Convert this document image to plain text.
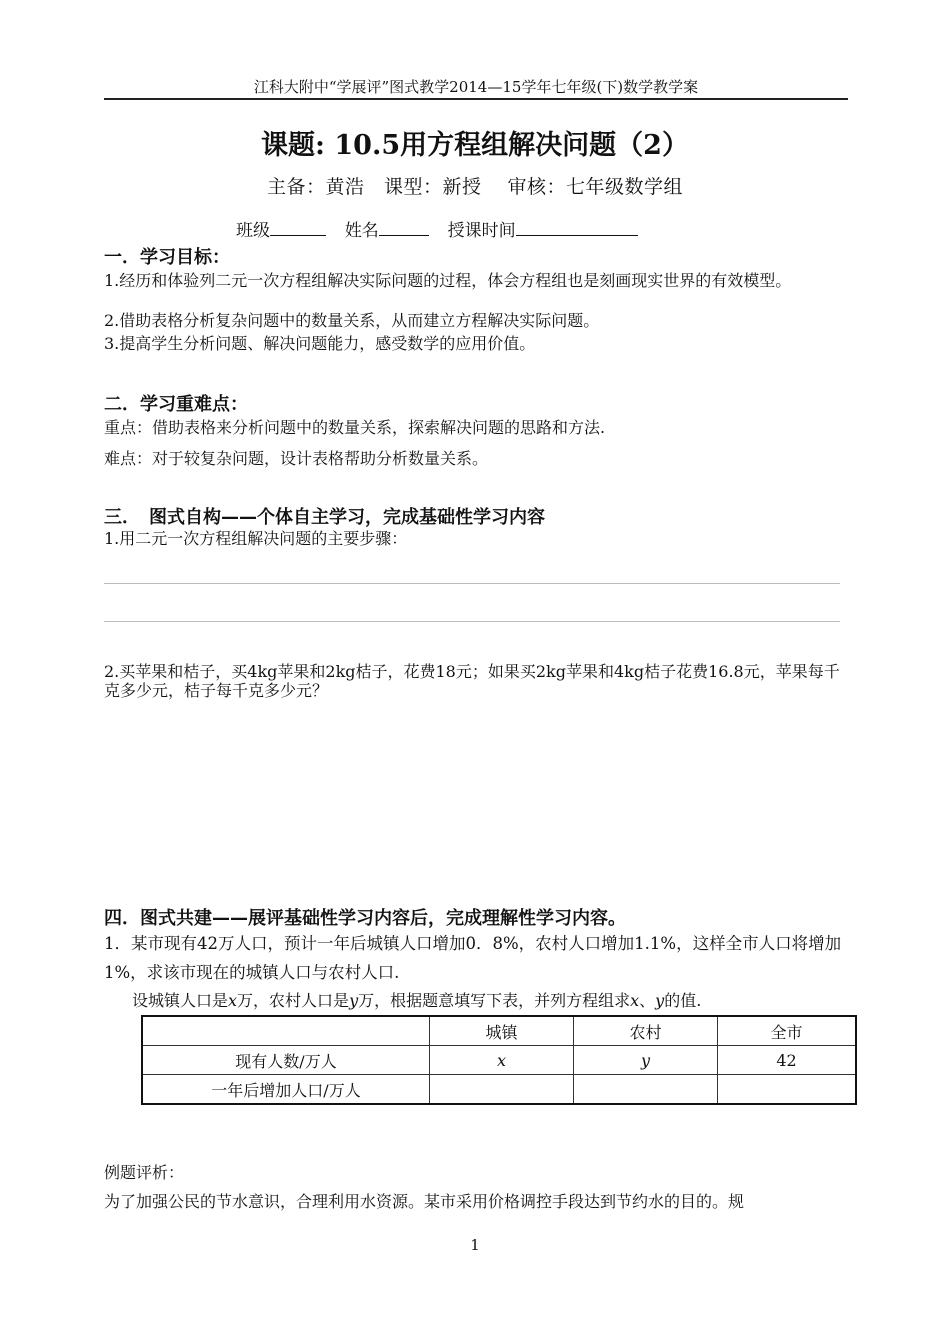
江科大附中“学展评”图式教学2014—15学年七年级(下)数学教学案
课题: 10.5用方程组解决问题（2）
主备：黄浩　课型：新授　 审核：七年级数学组
班级	姓名	授课时间
一．学习目标：
1.经历和体验列二元一次方程组解决实际问题的过程，体会方程组也是刻画现实世界的有效模型。
2.借助表格分析复杂问题中的数量关系，从而建立方程解决实际问题。
3.提高学生分析问题、解决问题能力，感受数学的应用价值。
二．学习重难点：
重点：借助表格来分析问题中的数量关系，探索解决问题的思路和方法.
难点：对于较复杂问题，设计表格帮助分析数量关系。
三．　图式自构——个体自主学习，完成基础性学习内容
1.用二元一次方程组解决问题的主要步骤：
2.买苹果和桔子，买4kg苹果和2kg桔子，花费18元；如果买2kg苹果和4kg桔子花费16.8元，苹果每千克多少元，桔子每千克多少元？
四．图式共建——展评基础性学习内容后，完成理解性学习内容。
1．某市现有42万人口，预计一年后城镇人口增加0．8%，农村人口增加1.1%，这样全市人口将增加1%，求该市现在的城镇人口与农村人口.
设城镇人口是x万，农村人口是y万，根据题意填写下表，并列方程组求x、y的值.
	城镇	农村	全市
现有人数/万人	x	y	42
一年后增加人口/万人			
例题评析：
为了加强公民的节水意识，合理利用水资源。某市采用价格调控手段达到节约水的目的。规
1
